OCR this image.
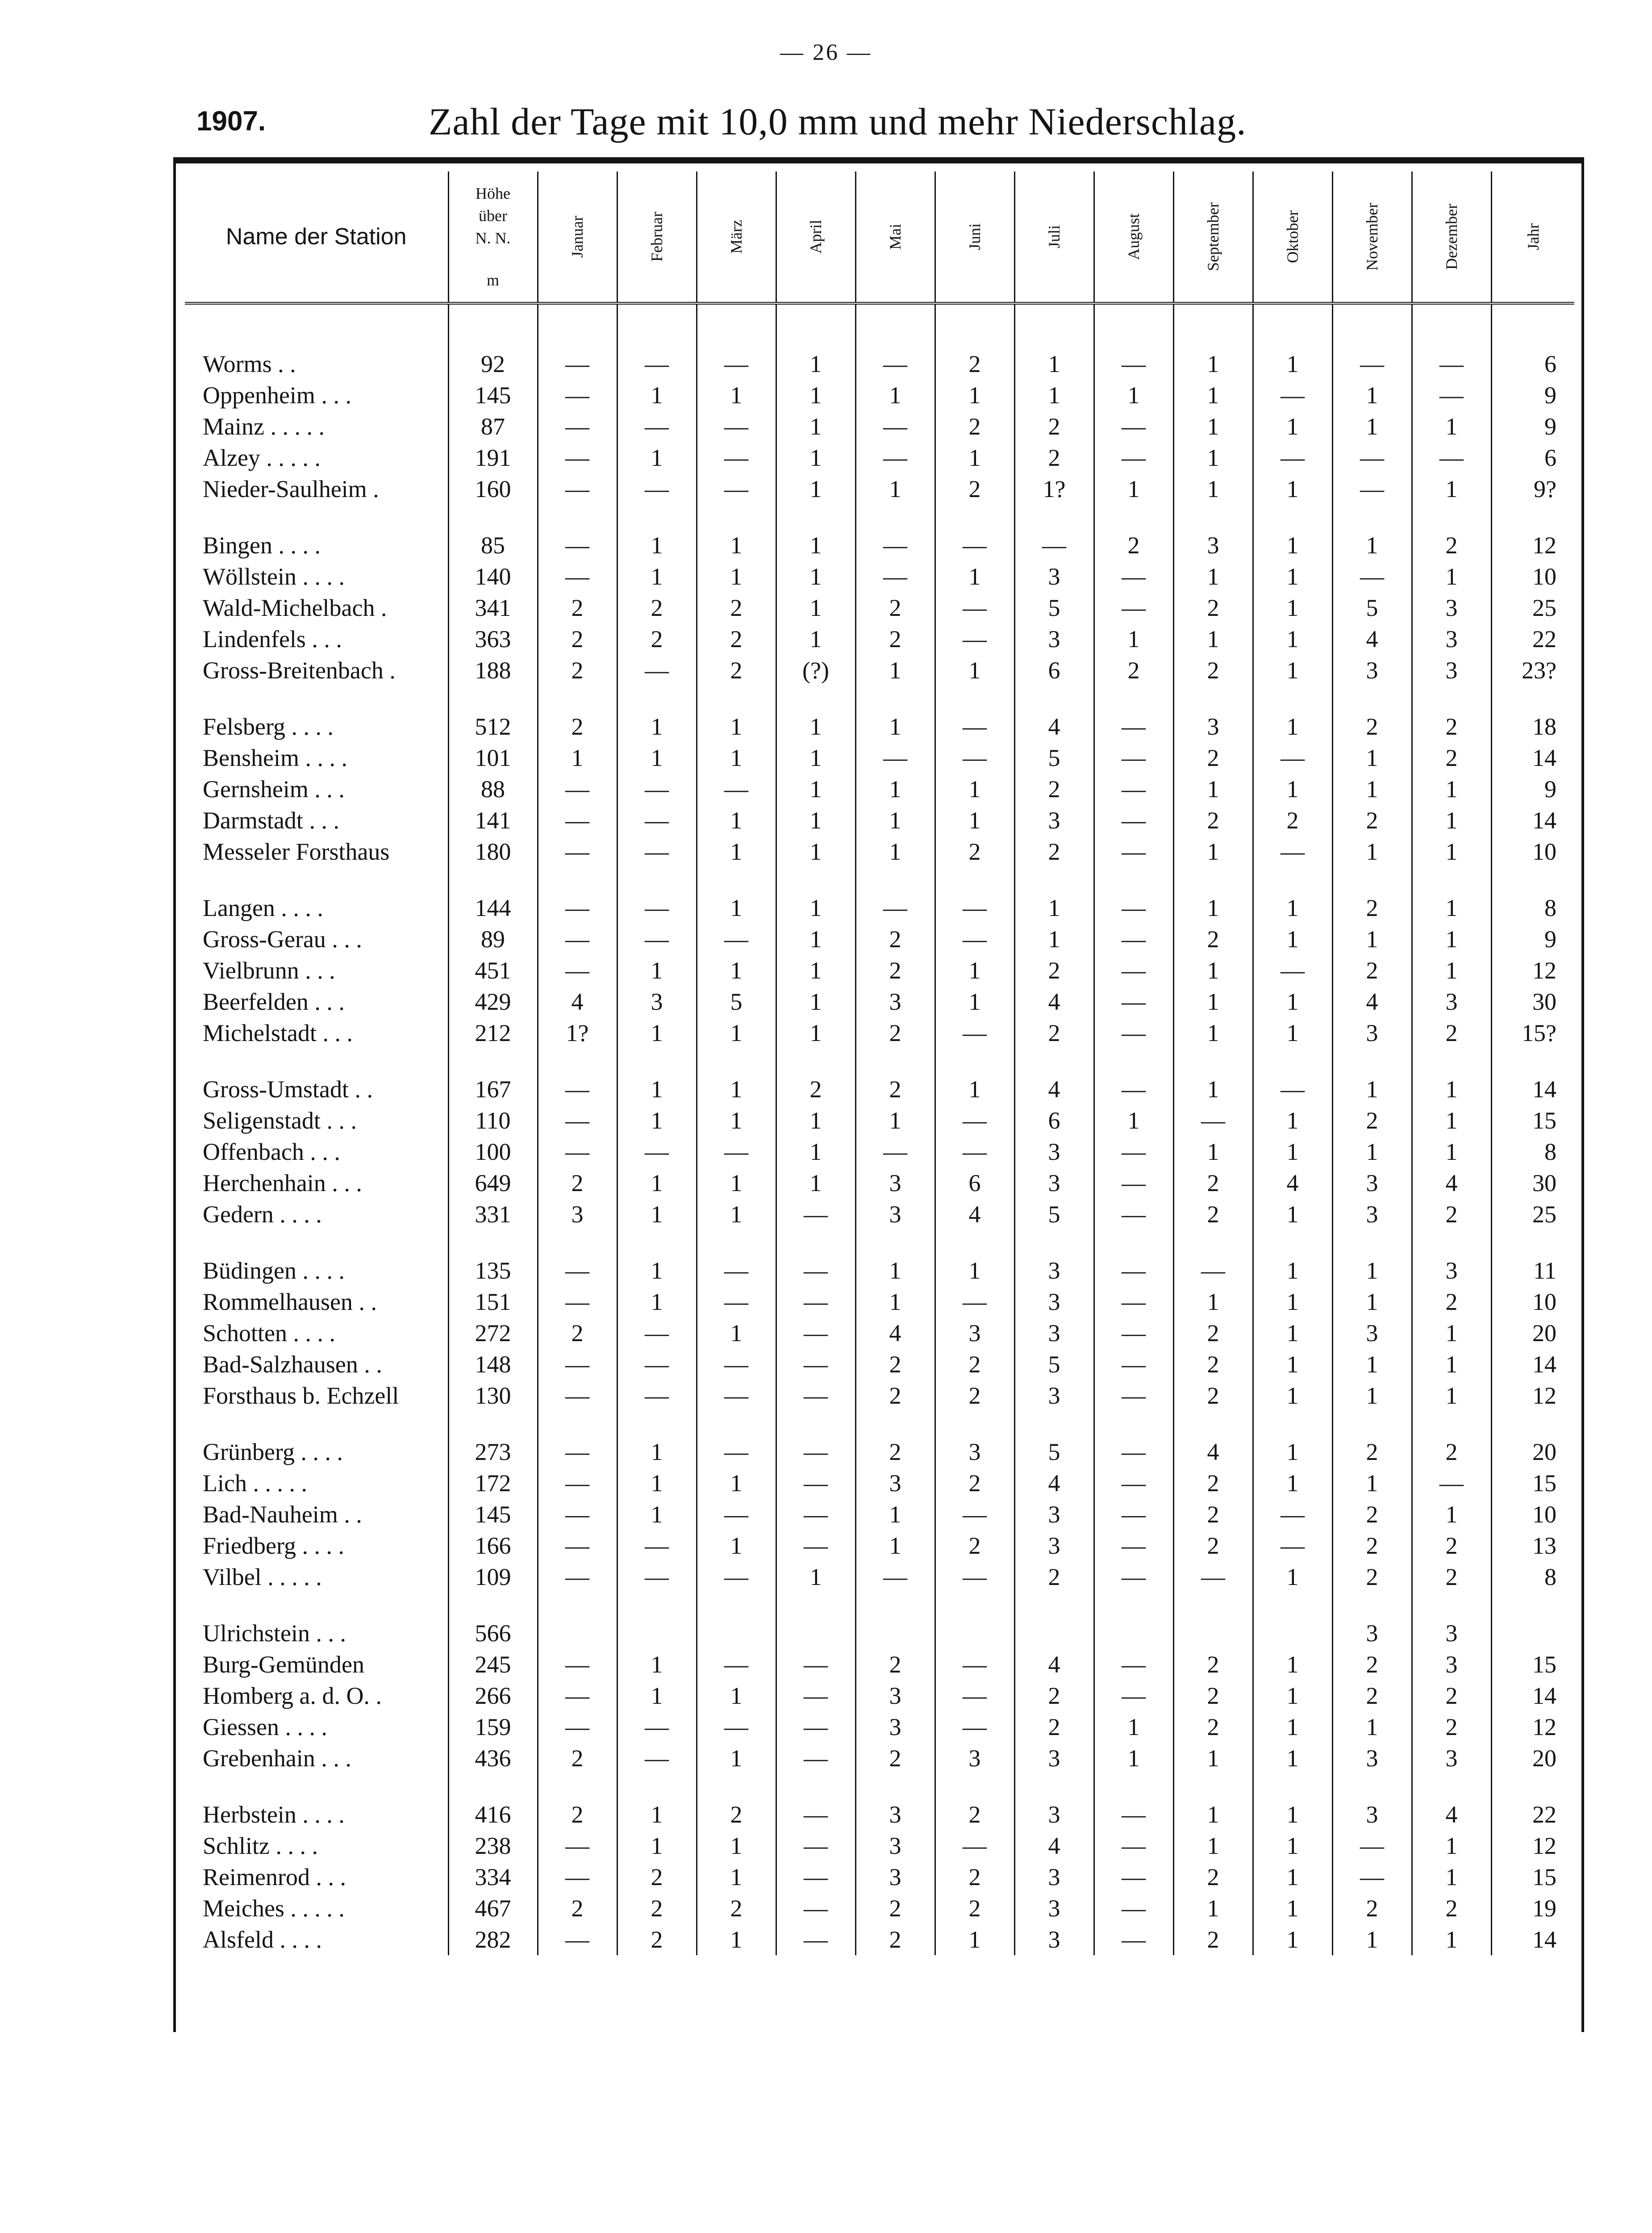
— 26 —
1907.	Zahl der Tage mit 10,0 mm und mehr Niederschlag.
Name der Station	Höhe
über
N. N.
m	Januar	Februar	März	April	Mai	Juni	Juli	August	September	Oktober	November	Dezember	Jahr

Worms . .	92	—	—	—	1	—	2	1	—	1	1	—	—	6
Oppenheim . . .	145	—	1	1	1	1	1	1	1	1	—	1	—	9
Mainz . . . . .	87	—	—	—	1	—	2	2	—	1	1	1	1	9
Alzey . . . . .	191	—	1	—	1	—	1	2	—	1	—	—	—	6
Nieder-Saulheim .	160	—	—	—	1	1	2	1?	1	1	1	—	1	9?

Bingen . . . .	85	—	1	1	1	—	—	—	2	3	1	1	2	12
Wöllstein . . . .	140	—	1	1	1	—	1	3	—	1	1	—	1	10
Wald-Michelbach .	341	2	2	2	1	2	—	5	—	2	1	5	3	25
Lindenfels . . .	363	2	2	2	1	2	—	3	1	1	1	4	3	22
Gross-Breitenbach .	188	2	—	2	(?)	1	1	6	2	2	1	3	3	23?

Felsberg . . . .	512	2	1	1	1	1	—	4	—	3	1	2	2	18
Bensheim . . . .	101	1	1	1	1	—	—	5	—	2	—	1	2	14
Gernsheim . . .	88	—	—	—	1	1	1	2	—	1	1	1	1	9
Darmstadt . . .	141	—	—	1	1	1	1	3	—	2	2	2	1	14
Messeler Forsthaus	180	—	—	1	1	1	2	2	—	1	—	1	1	10

Langen . . . .	144	—	—	1	1	—	—	1	—	1	1	2	1	8
Gross-Gerau . . .	89	—	—	—	1	2	—	1	—	2	1	1	1	9
Vielbrunn . . .	451	—	1	1	1	2	1	2	—	1	—	2	1	12
Beerfelden . . .	429	4	3	5	1	3	1	4	—	1	1	4	3	30
Michelstadt . . .	212	1?	1	1	1	2	—	2	—	1	1	3	2	15?

Gross-Umstadt . .	167	—	1	1	2	2	1	4	—	1	—	1	1	14
Seligenstadt . . .	110	—	1	1	1	1	—	6	1	—	1	2	1	15
Offenbach . . .	100	—	—	—	1	—	—	3	—	1	1	1	1	8
Herchenhain . . .	649	2	1	1	1	3	6	3	—	2	4	3	4	30
Gedern . . . .	331	3	1	1	—	3	4	5	—	2	1	3	2	25

Büdingen . . . .	135	—	1	—	—	1	1	3	—	—	1	1	3	11
Rommelhausen . .	151	—	1	—	—	1	—	3	—	1	1	1	2	10
Schotten . . . .	272	2	—	1	—	4	3	3	—	2	1	3	1	20
Bad-Salzhausen . .	148	—	—	—	—	2	2	5	—	2	1	1	1	14
Forsthaus b. Echzell	130	—	—	—	—	2	2	3	—	2	1	1	1	12

Grünberg . . . .	273	—	1	—	—	2	3	5	—	4	1	2	2	20
Lich . . . . .	172	—	1	1	—	3	2	4	—	2	1	1	—	15
Bad-Nauheim . .	145	—	1	—	—	1	—	3	—	2	—	2	1	10
Friedberg . . . .	166	—	—	1	—	1	2	3	—	2	—	2	2	13
Vilbel . . . . .	109	—	—	—	1	—	—	2	—	—	1	2	2	8

Ulrichstein . . .	566											3	3	
Burg-Gemünden	245	—	1	—	—	2	—	4	—	2	1	2	3	15
Homberg a. d. O. .	266	—	1	1	—	3	—	2	—	2	1	2	2	14
Giessen . . . .	159	—	—	—	—	3	—	2	1	2	1	1	2	12
Grebenhain . . .	436	2	—	1	—	2	3	3	1	1	1	3	3	20

Herbstein . . . .	416	2	1	2	—	3	2	3	—	1	1	3	4	22
Schlitz . . . .	238	—	1	1	—	3	—	4	—	1	1	—	1	12
Reimenrod . . .	334	—	2	1	—	3	2	3	—	2	1	—	1	15
Meiches . . . . .	467	2	2	2	—	2	2	3	—	1	1	2	2	19
Alsfeld . . . .	282	—	2	1	—	2	1	3	—	2	1	1	1	14
